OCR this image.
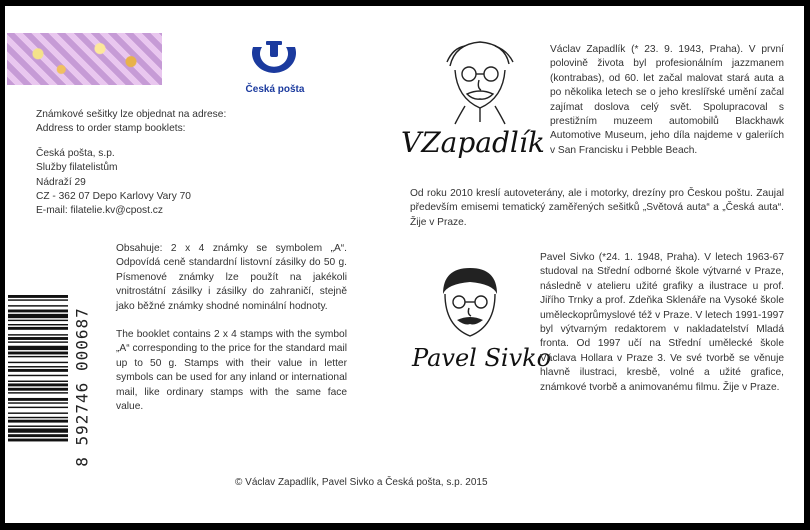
Česká pošta
Známkové sešitky lze objednat na adrese:
Address to order stamp booklets:
Česká pošta, s.p.
Služby filatelistům
Nádraží 29
CZ - 362 07 Depo Karlovy Vary 70
E-mail: filatelie.kv@cpost.cz
Obsahuje: 2 x 4 známky se symbolem „A“. Odpovídá ceně standardní listovní zásilky do 50 g. Písmenové známky lze použít na jakékoli vnitrostátní zásilky i zásilky do zahraničí, stejně jako běžné známky shodné nominální hodnoty.
The booklet contains 2 x 4 stamps with the symbol „A“ corresponding to the price for the standard mail up to 50 g. Stamps with their value in letter symbols can be used for any inland or international mail, like ordinary stamps with the same face value.
8 592746 000687
VZapadlík
Václav Zapadlík (* 23. 9. 1943, Praha). V první polovině života byl profesionálním jazzmanem (kontrabas), od 60. let začal malovat stará auta a po několika letech se o jeho kreslířské umění začal zajímat doslova celý svět. Spolupracoval s prestižním muzeem automobilů Blackhawk Automotive Museum, jeho díla najdeme v galeriích v San Francisku i Pebble Beach.
Od roku 2010 kreslí autoveterány, ale i motorky, drezíny pro Českou poštu. Zaujal především emisemi tematický zaměřených sešitků „Světová auta“ a „Česká auta“. Žije v Praze.
Pavel Sivko
Pavel Sivko (*24. 1. 1948, Praha). V letech 1963-67 studoval na Střední odborné škole výtvarné v Praze, následně v atelieru užité grafiky a ilustrace u prof. Jiřího Trnky a prof. Zdeňka Sklenáře na Vysoké škole uměleckoprůmyslové též v Praze. V letech 1991-1997 byl výtvarným redaktorem v nakladatelství Mladá fronta. Od 1997 učí na Střední umělecké škole Václava Hollara v Praze 3. Ve své tvorbě se věnuje hlavně ilustraci, kresbě, volné a užité grafice, známkové tvorbě a animovanému filmu. Žije v Praze.
© Václav Zapadlík, Pavel Sivko a Česká pošta, s.p. 2015
